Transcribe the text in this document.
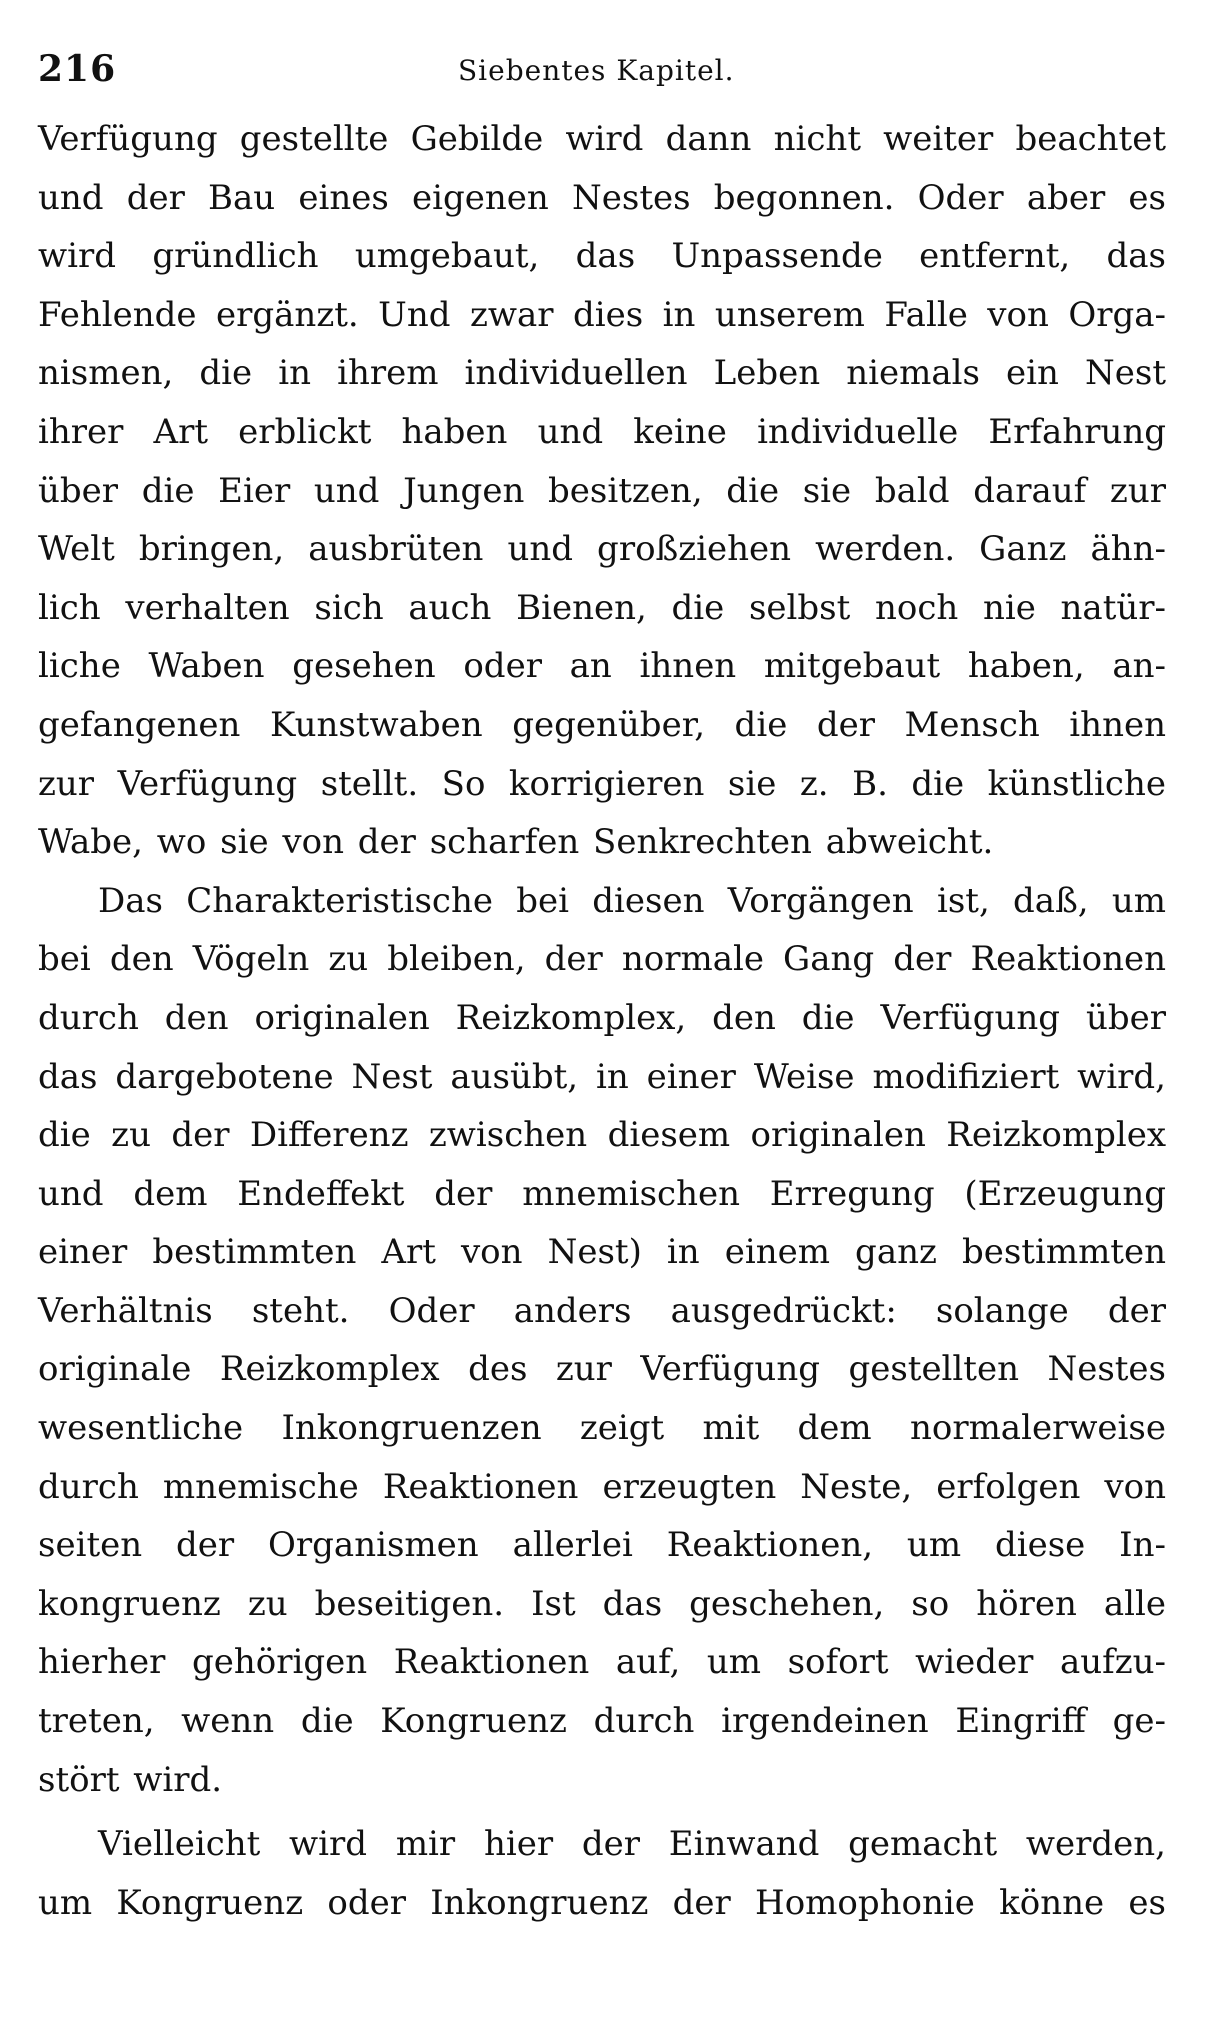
216	Siebentes Kapitel.

Verfügung gestellte Gebilde wird dann nicht weiter beachtet
und der Bau eines eigenen Nestes begonnen. Oder aber es
wird gründlich umgebaut, das Unpassende entfernt, das
Fehlende ergänzt. Und zwar dies in unserem Falle von Orga-
nismen, die in ihrem individuellen Leben niemals ein Nest
ihrer Art erblickt haben und keine individuelle Erfahrung
über die Eier und Jungen besitzen, die sie bald darauf zur
Welt bringen, ausbrüten und großziehen werden. Ganz ähn-
lich verhalten sich auch Bienen, die selbst noch nie natür-
liche Waben gesehen oder an ihnen mitgebaut haben, an-
gefangenen Kunstwaben gegenüber, die der Mensch ihnen
zur Verfügung stellt. So korrigieren sie z. B. die künstliche
Wabe, wo sie von der scharfen Senkrechten abweicht.

Das Charakteristische bei diesen Vorgängen ist, daß, um
bei den Vögeln zu bleiben, der normale Gang der Reaktionen
durch den originalen Reizkomplex, den die Verfügung über
das dargebotene Nest ausübt, in einer Weise modifiziert wird,
die zu der Differenz zwischen diesem originalen Reizkomplex
und dem Endeffekt der mnemischen Erregung (Erzeugung
einer bestimmten Art von Nest) in einem ganz bestimmten
Verhältnis steht. Oder anders ausgedrückt: solange der
originale Reizkomplex des zur Verfügung gestellten Nestes
wesentliche Inkongruenzen zeigt mit dem normalerweise
durch mnemische Reaktionen erzeugten Neste, erfolgen von
seiten der Organismen allerlei Reaktionen, um diese In-
kongruenz zu beseitigen. Ist das geschehen, so hören alle
hierher gehörigen Reaktionen auf, um sofort wieder aufzu-
treten, wenn die Kongruenz durch irgendeinen Eingriff ge-
stört wird.

Vielleicht wird mir hier der Einwand gemacht werden,
um Kongruenz oder Inkongruenz der Homophonie könne es
